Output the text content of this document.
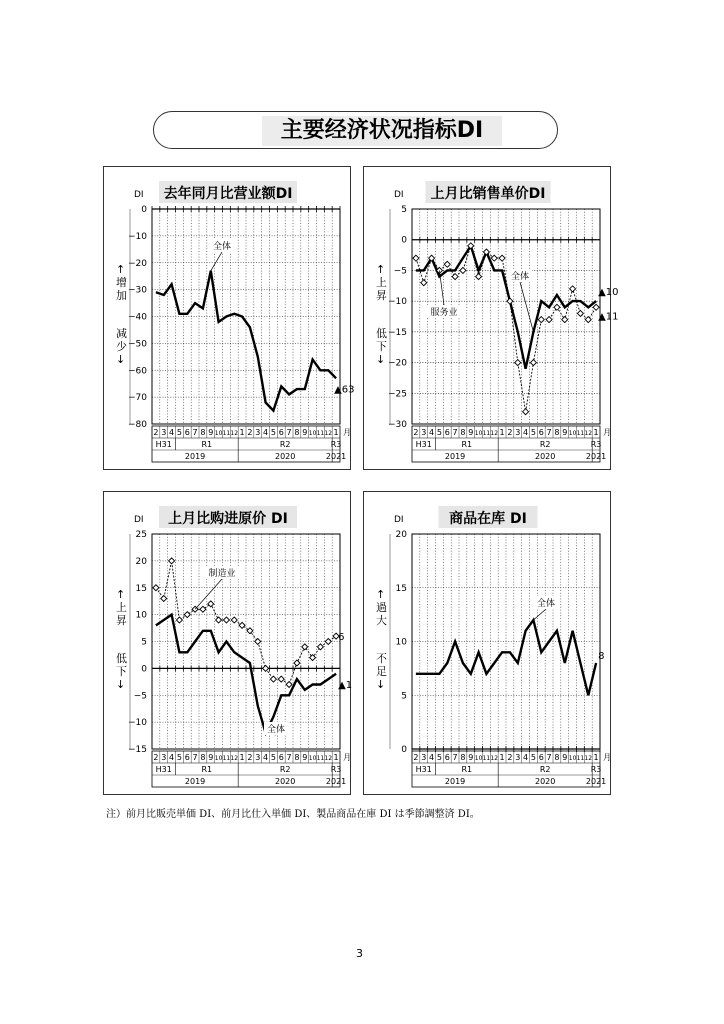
主要经济状况指标DI
去年同月比营业额DI
DI
0
−10
−20
−30
−40
−50
−60
−70
−80
↑
增
加
减
少
↓
2 3 4 5 6 7 8 9 10 11 12 1 2 3 4 5 6 7 8 9 10 11 12 1 月
H31	R1	R2	R3
2019	2020	2021
全体
▲63
上月比销售单价DI
DI
5
0
−5
−10
−15
−20
−25
−30
↑
上
昇
低
下
↓
2 3 4 5 6 7 8 9 10 11 12 1 2 3 4 5 6 7 8 9 10 11 12 1 月
H31	R1	R2	R3
2019	2020	2021
全体
▲10
服务业	▲11
上月比购进原价 DI
DI
25
20
15
10
5
0
−5
−10
−15
↑
上
昇
低
下
↓
2 3 4 5 6 7 8 9 10 11 12 1 2 3 4 5 6 7 8 9 10 11 12 1 月
H31	R1	R2	R3
2019	2020	2021
全体
▲1
制造业
6
商品在库 DI
DI
20
15
10
5
0
↑
過
大
不
足
↓
2 3 4 5 6 7 8 9 10 11 12 1 2 3 4 5 6 7 8 9 10 11 12 1 月
H31	R1	R2	R3
2019	2020	2021
全体
8
注）前月比販売単価 DI、前月比仕入単価 DI、製品商品在庫 DI は季節調整済 DI。
3
